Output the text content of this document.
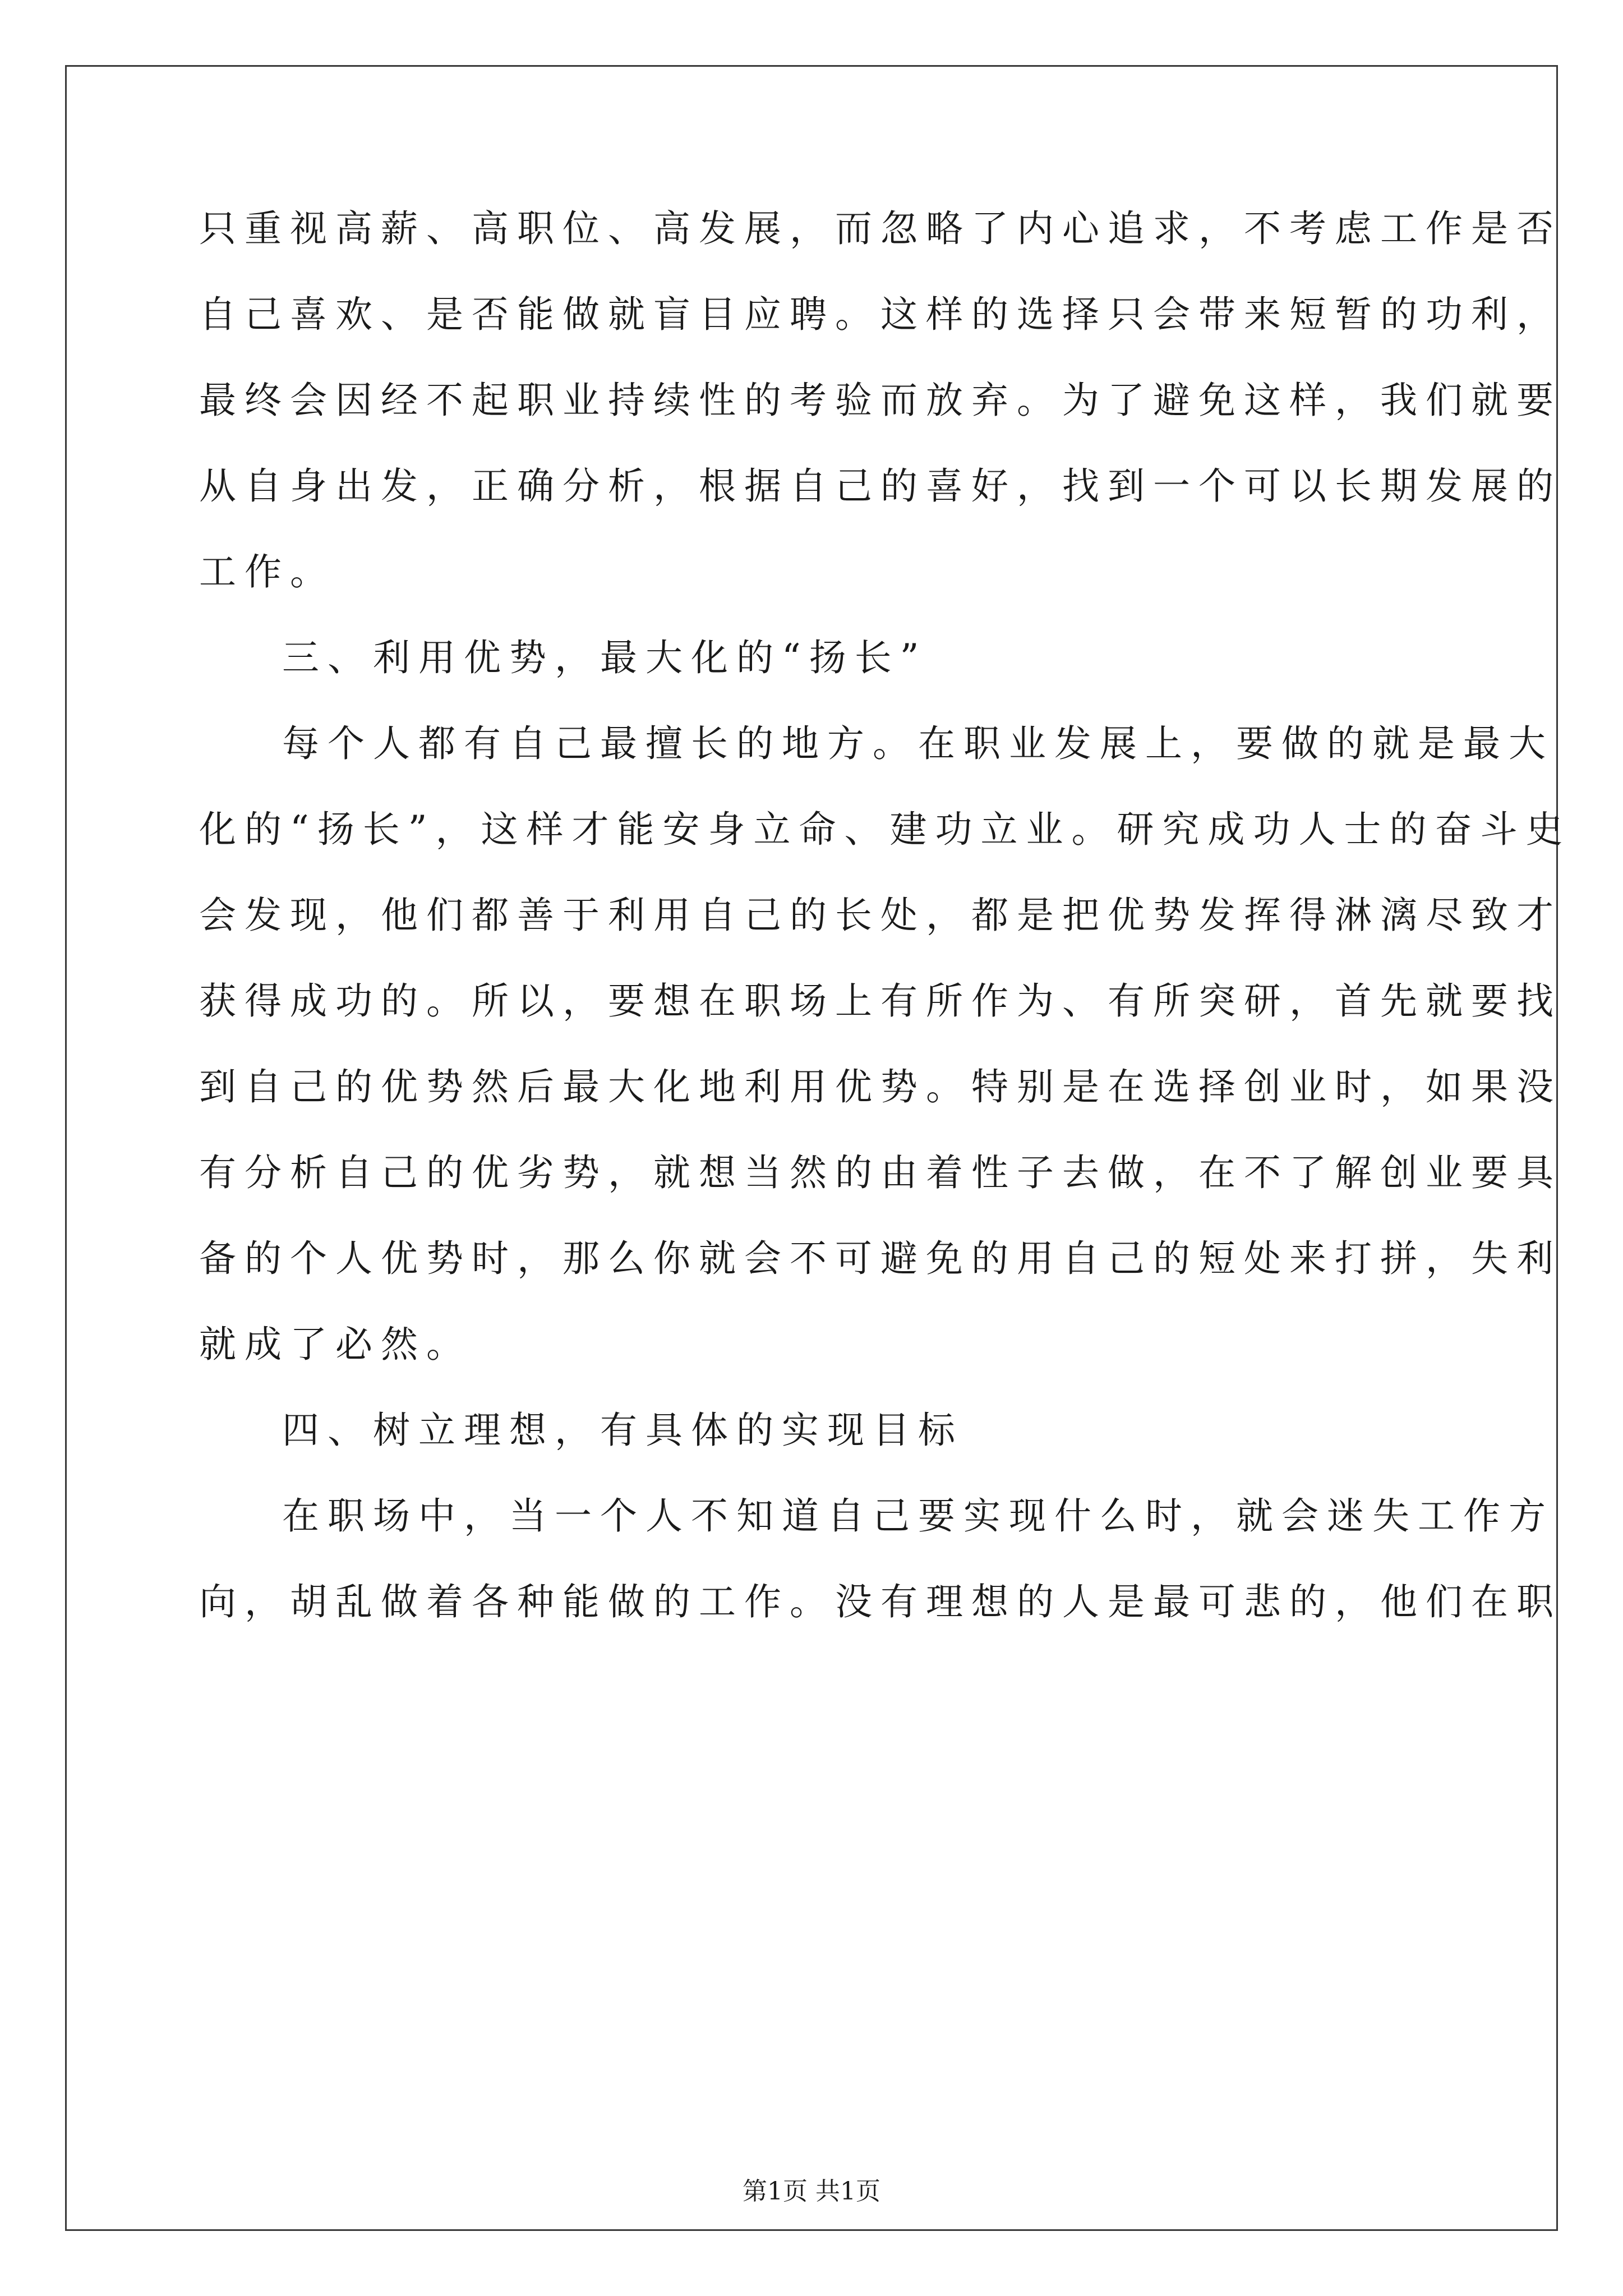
只重视高薪、高职位、高发展，而忽略了内心追求，不考虑工作是否
自己喜欢、是否能做就盲目应聘。这样的选择只会带来短暂的功利，
最终会因经不起职业持续性的考验而放弃。为了避免这样，我们就要
从自身出发，正确分析，根据自己的喜好，找到一个可以长期发展的
工作。
三、利用优势，最大化的“扬长”
每个人都有自己最擅长的地方。在职业发展上，要做的就是最大
化的“扬长”，这样才能安身立命、建功立业。研究成功人士的奋斗史
会发现，他们都善于利用自己的长处，都是把优势发挥得淋漓尽致才
获得成功的。所以，要想在职场上有所作为、有所突研，首先就要找
到自己的优势然后最大化地利用优势。特别是在选择创业时，如果没
有分析自己的优劣势，就想当然的由着性子去做，在不了解创业要具
备的个人优势时，那么你就会不可避免的用自己的短处来打拼，失利
就成了必然。
四、树立理想，有具体的实现目标
在职场中，当一个人不知道自己要实现什么时，就会迷失工作方
向，胡乱做着各种能做的工作。没有理想的人是最可悲的，他们在职
第1页 共1页
